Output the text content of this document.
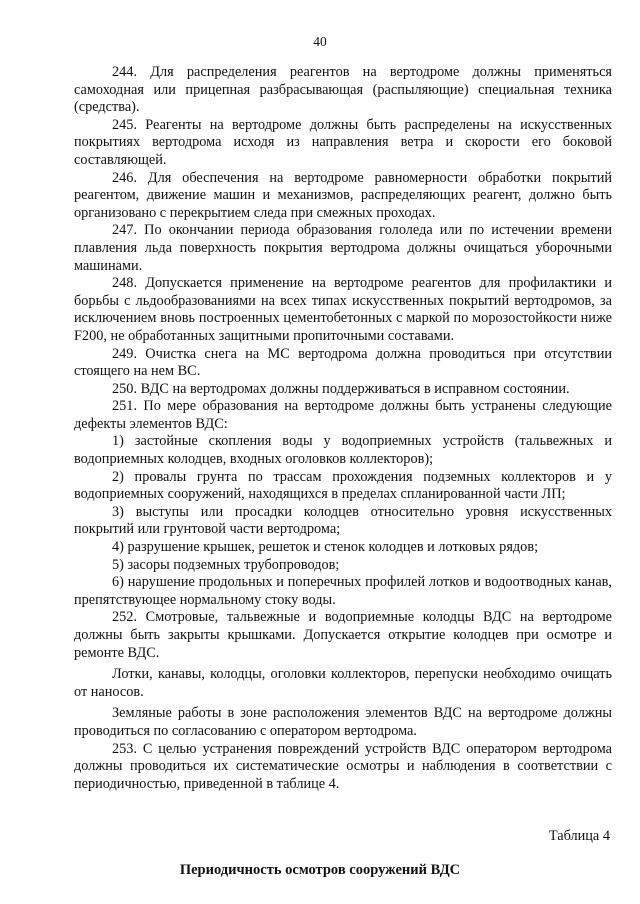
40

244. Для распределения реагентов на вертодроме должны применяться самоходная или прицепная разбрасывающая (распыляющие) специальная техника (средства).

245. Реагенты на вертодроме должны быть распределены на искусственных покрытиях вертодрома исходя из направления ветра и скорости его боковой составляющей.

246. Для обеспечения на вертодроме равномерности обработки покрытий реагентом, движение машин и механизмов, распределяющих реагент, должно быть организовано с перекрытием следа при смежных проходах.

247. По окончании периода образования гололеда или по истечении времени плавления льда поверхность покрытия вертодрома должны очищаться уборочными машинами.

248. Допускается применение на вертодроме реагентов для профилактики и борьбы с льдообразованиями на всех типах искусственных покрытий вертодромов, за исключением вновь построенных цементобетонных с маркой по морозостойкости ниже F200, не обработанных защитными пропиточными составами.

249. Очистка снега на МС вертодрома должна проводиться при отсутствии стоящего на нем ВС.

250. ВДС на вертодромах должны поддерживаться в исправном состоянии.

251. По мере образования на вертодроме должны быть устранены следующие дефекты элементов ВДС:

1) застойные скопления воды у водоприемных устройств (тальвежных и водоприемных колодцев, входных оголовков коллекторов);

2) провалы грунта по трассам прохождения подземных коллекторов и у водоприемных сооружений, находящихся в пределах спланированной части ЛП;

3) выступы или просадки колодцев относительно уровня искусственных покрытий или грунтовой части вертодрома;

4) разрушение крышек, решеток и стенок колодцев и лотковых рядов;

5) засоры подземных трубопроводов;

6) нарушение продольных и поперечных профилей лотков и водоотводных канав, препятствующее нормальному стоку воды.

252. Смотровые, тальвежные и водоприемные колодцы ВДС на вертодроме должны быть закрыты крышками. Допускается открытие колодцев при осмотре и ремонте ВДС.

Лотки, канавы, колодцы, оголовки коллекторов, перепуски необходимо очищать от наносов.

Земляные работы в зоне расположения элементов ВДС на вертодроме должны проводиться по согласованию с оператором вертодрома.

253. С целью устранения повреждений устройств ВДС оператором вертодрома должны проводиться их систематические осмотры и наблюдения в соответствии с периодичностью, приведенной в таблице 4.

Таблица 4
Периодичность осмотров сооружений ВДС
